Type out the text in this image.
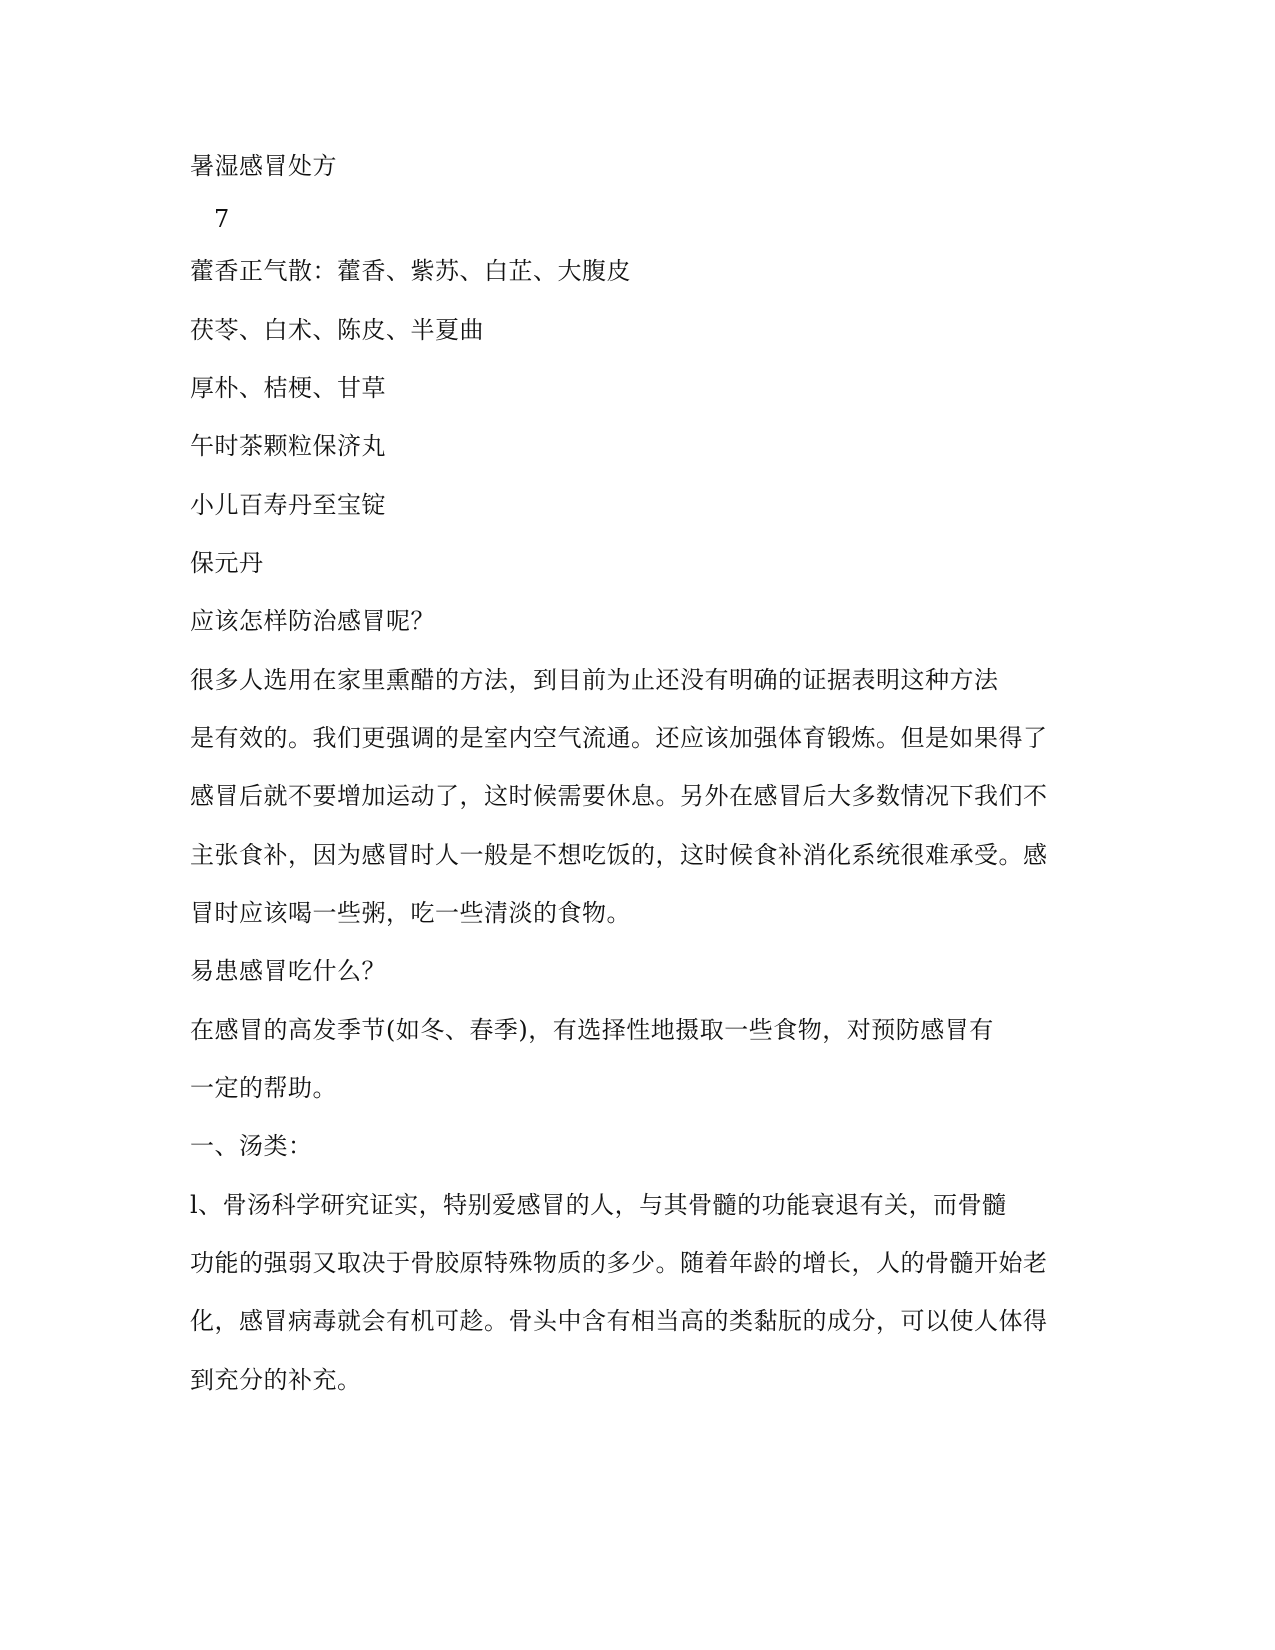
暑湿感冒处方
7
藿香正气散：藿香、紫苏、白芷、大腹皮
茯苓、白术、陈皮、半夏曲
厚朴、桔梗、甘草
午时茶颗粒保济丸
小儿百寿丹至宝锭
保元丹
应该怎样防治感冒呢？
很多人选用在家里熏醋的方法，到目前为止还没有明确的证据表明这种方法
是有效的。我们更强调的是室内空气流通。还应该加强体育锻炼。但是如果得了
感冒后就不要增加运动了，这时候需要休息。另外在感冒后大多数情况下我们不
主张食补，因为感冒时人一般是不想吃饭的，这时候食补消化系统很难承受。感
冒时应该喝一些粥，吃一些清淡的食物。
易患感冒吃什么？
在感冒的高发季节(如冬、春季)，有选择性地摄取一些食物，对预防感冒有
一定的帮助。
一、汤类：
l、骨汤科学研究证实，特别爱感冒的人，与其骨髓的功能衰退有关，而骨髓
功能的强弱又取决于骨胶原特殊物质的多少。随着年龄的增长，人的骨髓开始老
化，感冒病毒就会有机可趁。骨头中含有相当高的类黏朊的成分，可以使人体得
到充分的补充。
